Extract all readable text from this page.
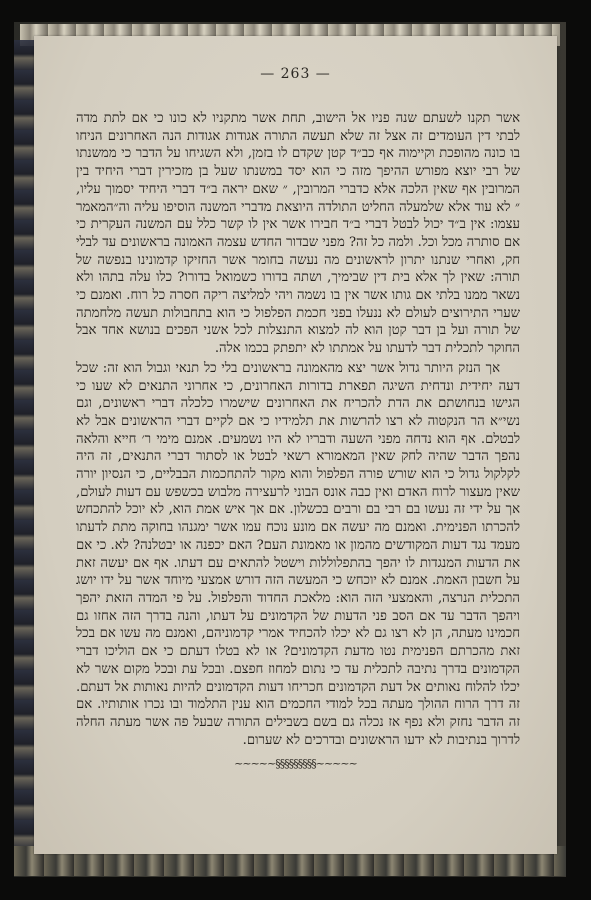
— 263 —

אשר תקנו לשעתם שנה פניו אל הישוב, תחת אשר מתקניו לא כונו כי אם לתת מדה לבתי דין העומדים זה אצל זה שלא תעשה התורה אגודות אגודות הנה האחרונים הניחו בו כונה מהופכת וקיימוה אף כב״ד קטן שקדם לו בזמן, ולא השגיחו על הדבר כי ממשנתו של רבי יוצא מפורש ההיפך מזה כי הוא יסד במשנתו שעל בן מזכירין דברי היחיד בין המרובין אף שאין הלכה אלא כדברי המרובין, ״ שאם יראה ב״ד דברי היחיד יסמוך עליו, ״ לא עוד אלא שלמעלה החליט התולדה היוצאת מדברי המשנה הוסיפו עליה וה״המאמר עצמו: אין ב״ד יכול לבטל דברי ב״ד חבירו אשר אין לו קשר כלל עם המשנה העקרית כי אם סותרה מכל וכל. ולמה כל זה? מפני שבדור החדש עצמה האמונה בראשונים עד לבלי חק, ואחרי שנתנו יתרון לראשונים מה נעשה בחומר אשר החזיקו קדמונינו בנפשה של תורה: שאין לך אלא בית דין שבימיך, ושתה בדורו כשמואל בדורו? כלו עלה בתהו ולא נשאר ממנו בלתי אם גותו אשר אין בו נשמה ויהי למליצה ריקה חסרה כל רוח. ואמנם כי שערי התירוצים לעולם לא ננעלו בפני חכמת הפלפול כי הוא בתחבולות תעשה מלחמתה של תורה ועל בן דבר קטן הוא לה למצוא התנצלות לכל אשני הפכים בנושא אחד אבל החוקר לתכלית דבר לדעתו על אמתתו לא יתפתק בכמו אלה.

אך הנזק היותר גדול אשר יצא מהאמונה בראשונים בלי כל תנאי וגבול הוא זה: שכל דעה יחידית ונדחית השיגה תפארת בדורות האחרונים, כי אחרוני התנאים לא שעו כי הגישו בנחושתם את הדת להכריח את האחרונים שישמרו כלכלה דברי ראשונים, וגם נשי״א הר הנקטוה לא רצו להרשות את תלמידיו כי אם לקיים דברי הראשונים אבל לא לבטלם. אף הוא נדחה מפני השעה ודבריו לא היו נשמעים. אמנם מימי ר׳ חייא והלאה נהפך הדבר שהיה לחק שאין המאמורא רשאי לבטל או לסתור דברי התנאים, זה היה לקלקול גדול כי הוא שורש פורה הפלפול והוא מקור להתחכמות הבבליים, כי הנסיון יורה שאין מעצור לרוח האדם ואין כבה אונס הבוני לרעצירה מלבוש בכשפש עם דעות לעולם, אך על ידי זה נעשו בם רבי בם ורבים בכשלון. אם אך איש אמת הוא, לא יוכל להתכחש להכרתו הפנימית. ואמנם מה יעשה אם מונע נוכח עמו אשר ימגנהו בחוקה מתת לדעתו מעמד נגד דעות המקודשים מהמון או מאמונת העם? האם יכפנה או יבטלנה? לא. כי אם את הדעות המנגדות לו יהפך בהתפלוללות וישטל להתאים עם דעתו. אף אם יעשה זאת על חשבון האמת. אמנם לא יוכחש כי המעשה הזה דורש אמצעי מיוחד אשר על ידו יושג התכלית הנרצה, והאמצעי הזה הוא: מלאכת החדוד והפלפול. על פי המדה הזאת יהפך ויהפך הדבר עד אם הסב פני הדעות של הקדמונים על דעתו, והנה בדרך הזה אחזו גם חכמינו מעתה, הן לא רצו גם לא יכלו להכחיד אמרי קדמוניהם, ואמנם מה עשו אם בכל זאת מהכרתם הפנימית נטו מדעת הקדמונים? או לא בטלו דעתם כי אם הוליכו דברי הקדמונים בדרך נתיבה לתכלית עד כי נתום למחוז חפצם. ובכל עת ובכל מקום אשר לא יכלו להלוח נאותים אל דעת הקדמונים חכריחו דעות הקדמונים להיות נאותות אל דעתם. זה דרך הרוח ההולך מעתה בכל למודי החכמים הוא ענין התלמוד ובו נכרו אותותיו. אם זה הדבר נחזק ולא נפף אז נכלה גם בשם בשבילים התורה שבעל פה אשר מעתה החלה לדרוך בנתיבות לא ידעו הראשונים ובדרכים לא שערום.

~~~~~§§§§§§§§§~~~~~
